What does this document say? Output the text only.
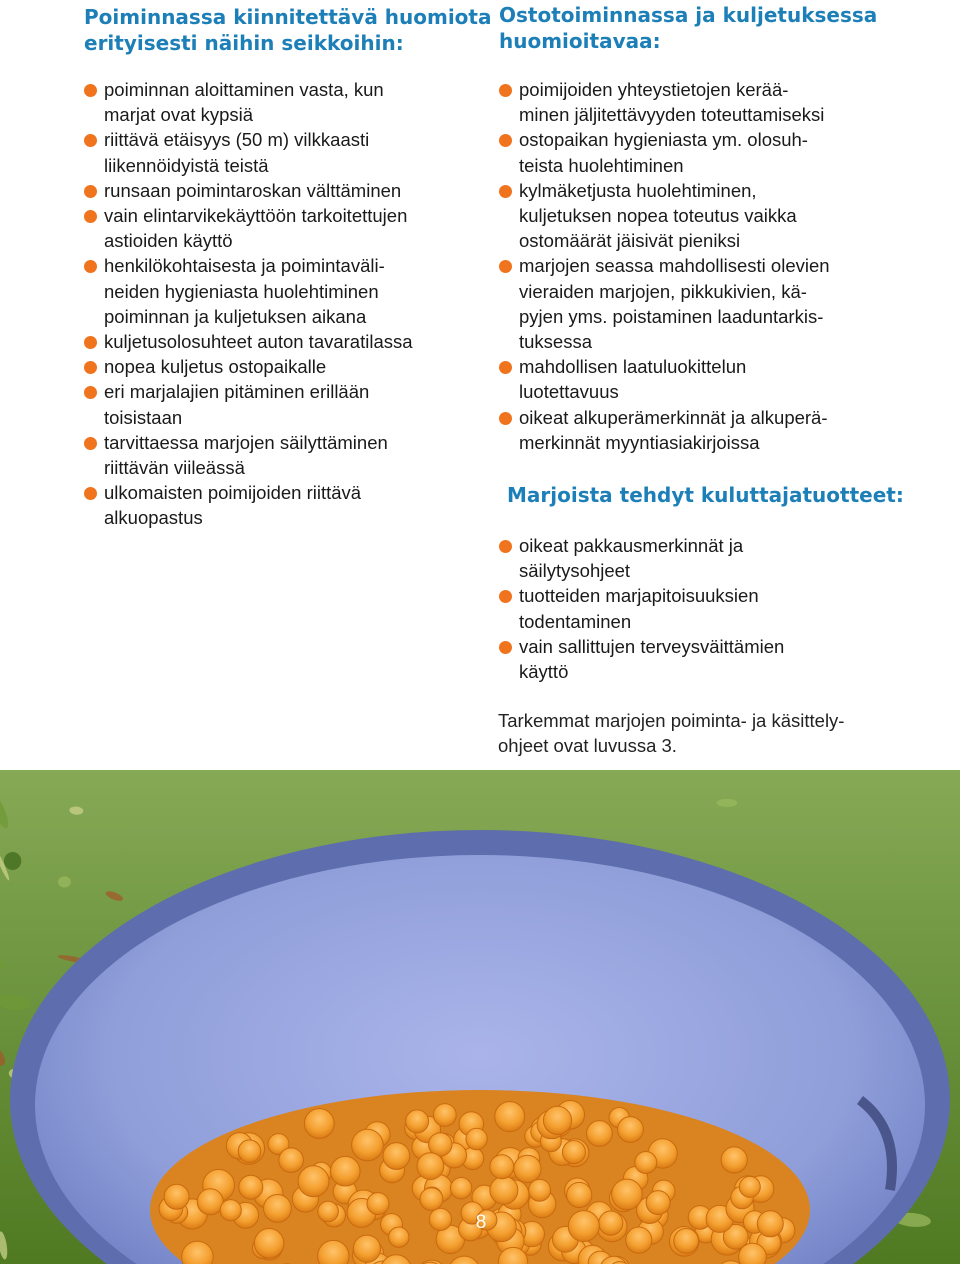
Poiminnassa kiinnitettävä huomiota
erityisesti näihin seikkoihin:
poiminnan aloittaminen vasta, kun
marjat ovat kypsiä
riittävä etäisyys (50 m) vilkkaasti
liikennöidyistä teistä
runsaan poimintaroskan välttäminen
vain elintarvikekäyttöön tarkoitettujen
astioiden käyttö
henkilökohtaisesta ja poimintaväli-
neiden hygieniasta huolehtiminen
poiminnan ja kuljetuksen aikana
kuljetusolosuhteet auton tavaratilassa
nopea kuljetus ostopaikalle
eri marjalajien pitäminen erillään
toisistaan
tarvittaessa marjojen säilyttäminen
riittävän viileässä
ulkomaisten poimijoiden riittävä
alkuopastus
Ostotoiminnassa ja kuljetuksessa
huomioitavaa:
poimijoiden yhteystietojen kerää-
minen jäljitettävyyden toteuttamiseksi
ostopaikan hygieniasta ym. olosuh-
teista huolehtiminen
kylmäketjusta huolehtiminen,
kuljetuksen nopea toteutus vaikka
ostomäärät jäisivät pieniksi
marjojen seassa mahdollisesti olevien
vieraiden marjojen, pikkukivien, kä-
pyjen yms. poistaminen laaduntarkis-
tuksessa
mahdollisen laatuluokittelun
luotettavuus
oikeat alkuperämerkinnät ja alkuperä-
merkinnät myyntiasiakirjoissa
Marjoista tehdyt kuluttajatuotteet:
oikeat pakkausmerkinnät ja
säilytysohjeet
tuotteiden marjapitoisuuksien
todentaminen
vain sallittujen terveysväittämien
käyttö
Tarkemmat marjojen poiminta- ja käsittely-
ohjeet ovat luvussa 3.
8
